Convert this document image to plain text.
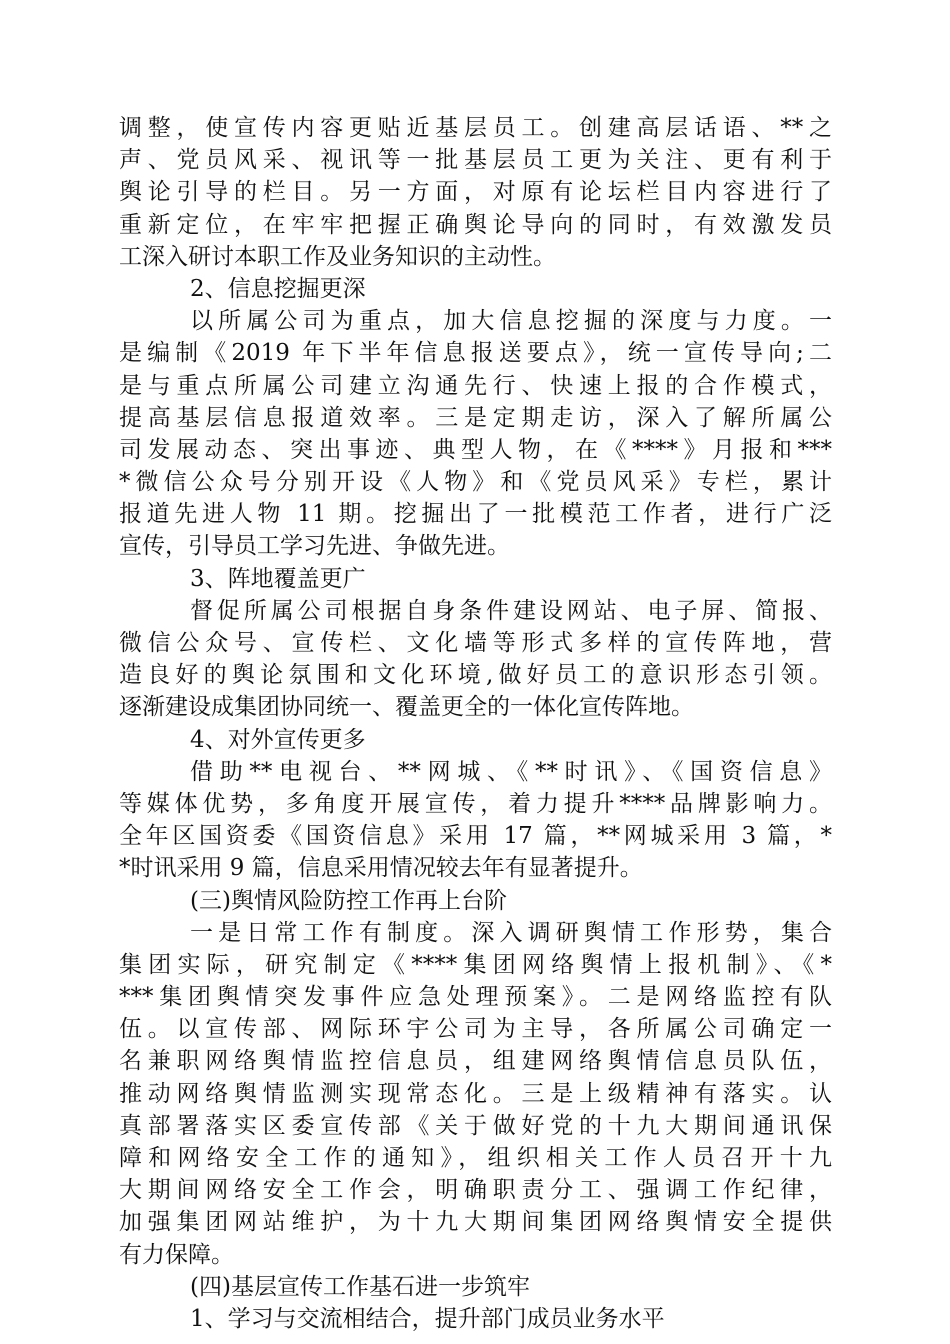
调整，使宣传内容更贴近基层员工。创建高层话语、**之
声、党员风采、视讯等一批基层员工更为关注、更有利于
舆论引导的栏目。另一方面，对原有论坛栏目内容进行了
重新定位，在牢牢把握正确舆论导向的同时，有效激发员
工深入研讨本职工作及业务知识的主动性。
2、信息挖掘更深
以所属公司为重点，加大信息挖掘的深度与力度。一
是编制《2019 年下半年信息报送要点》，统一宣传导向;二
是与重点所属公司建立沟通先行、快速上报的合作模式，
提高基层信息报道效率。三是定期走访，深入了解所属公
司发展动态、突出事迹、典型人物，在《****》月报和***
*微信公众号分别开设《人物》和《党员风采》专栏，累计
报道先进人物 11 期。挖掘出了一批模范工作者，进行广泛
宣传，引导员工学习先进、争做先进。
3、阵地覆盖更广
督促所属公司根据自身条件建设网站、电子屏、简报、
微信公众号、宣传栏、文化墙等形式多样的宣传阵地，营
造良好的舆论氛围和文化环境,做好员工的意识形态引领。
逐渐建设成集团协同统一、覆盖更全的一体化宣传阵地。
4、对外宣传更多
借助**电视台、**网城、《**时讯》、《国资信息》
等媒体优势，多角度开展宣传，着力提升****品牌影响力。
全年区国资委《国资信息》采用 17 篇，**网城采用 3 篇，*
*时讯采用 9 篇，信息采用情况较去年有显著提升。
(三)舆情风险防控工作再上台阶
一是日常工作有制度。深入调研舆情工作形势，集合
集团实际，研究制定《****集团网络舆情上报机制》、《*
***集团舆情突发事件应急处理预案》。二是网络监控有队
伍。以宣传部、网际环宇公司为主导，各所属公司确定一
名兼职网络舆情监控信息员，组建网络舆情信息员队伍，
推动网络舆情监测实现常态化。三是上级精神有落实。认
真部署落实区委宣传部《关于做好党的十九大期间通讯保
障和网络安全工作的通知》，组织相关工作人员召开十九
大期间网络安全工作会，明确职责分工、强调工作纪律，
加强集团网站维护，为十九大期间集团网络舆情安全提供
有力保障。
(四)基层宣传工作基石进一步筑牢
1、学习与交流相结合，提升部门成员业务水平
